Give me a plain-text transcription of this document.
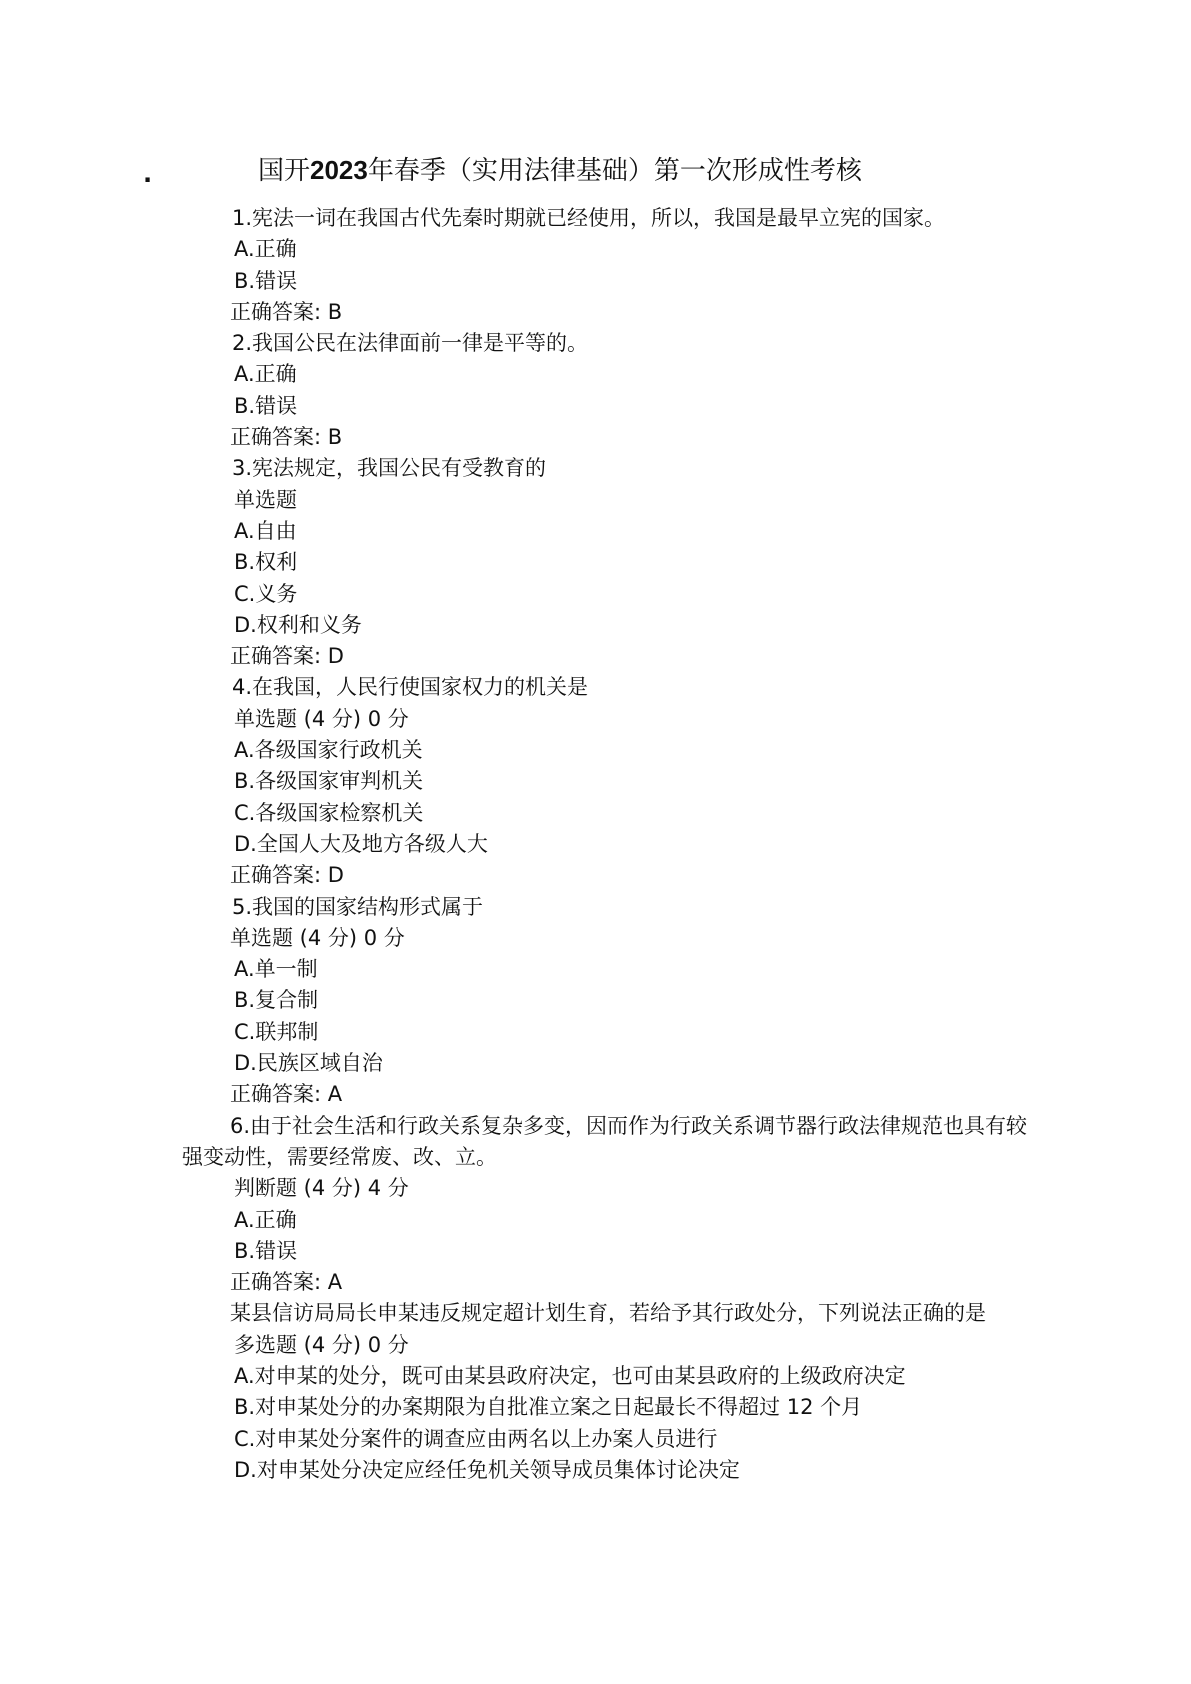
.	国开2023年春季（实用法律基础）第一次形成性考核
1.宪法一词在我国古代先秦时期就已经使用，所以，我国是最早立宪的国家。
A.正确
B.错误
正确答案: B
2.我国公民在法律面前一律是平等的。
A.正确
B.错误
正确答案: B
3.宪法规定，我国公民有受教育的
单选题
A.自由
B.权利
C.义务
D.权利和义务
正确答案: D
4.在我国，人民行使国家权力的机关是
单选题 (4 分) 0 分
A.各级国家行政机关
B.各级国家审判机关
C.各级国家检察机关
D.全国人大及地方各级人大
正确答案: D
5.我国的国家结构形式属于
单选题 (4 分) 0 分
A.单一制
B.复合制
C.联邦制
D.民族区域自治
正确答案: A
6.由于社会生活和行政关系复杂多变，因而作为行政关系调节器行政法律规范也具有较强变动性，需要经常废、改、立。
判断题 (4 分) 4 分
A.正确
B.错误
正确答案: A
某县信访局局长申某违反规定超计划生育，若给予其行政处分，下列说法正确的是
多选题 (4 分) 0 分
A.对申某的处分，既可由某县政府决定，也可由某县政府的上级政府决定
B.对申某处分的办案期限为自批准立案之日起最长不得超过 12 个月
C.对申某处分案件的调查应由两名以上办案人员进行
D.对申某处分决定应经任免机关领导成员集体讨论决定
